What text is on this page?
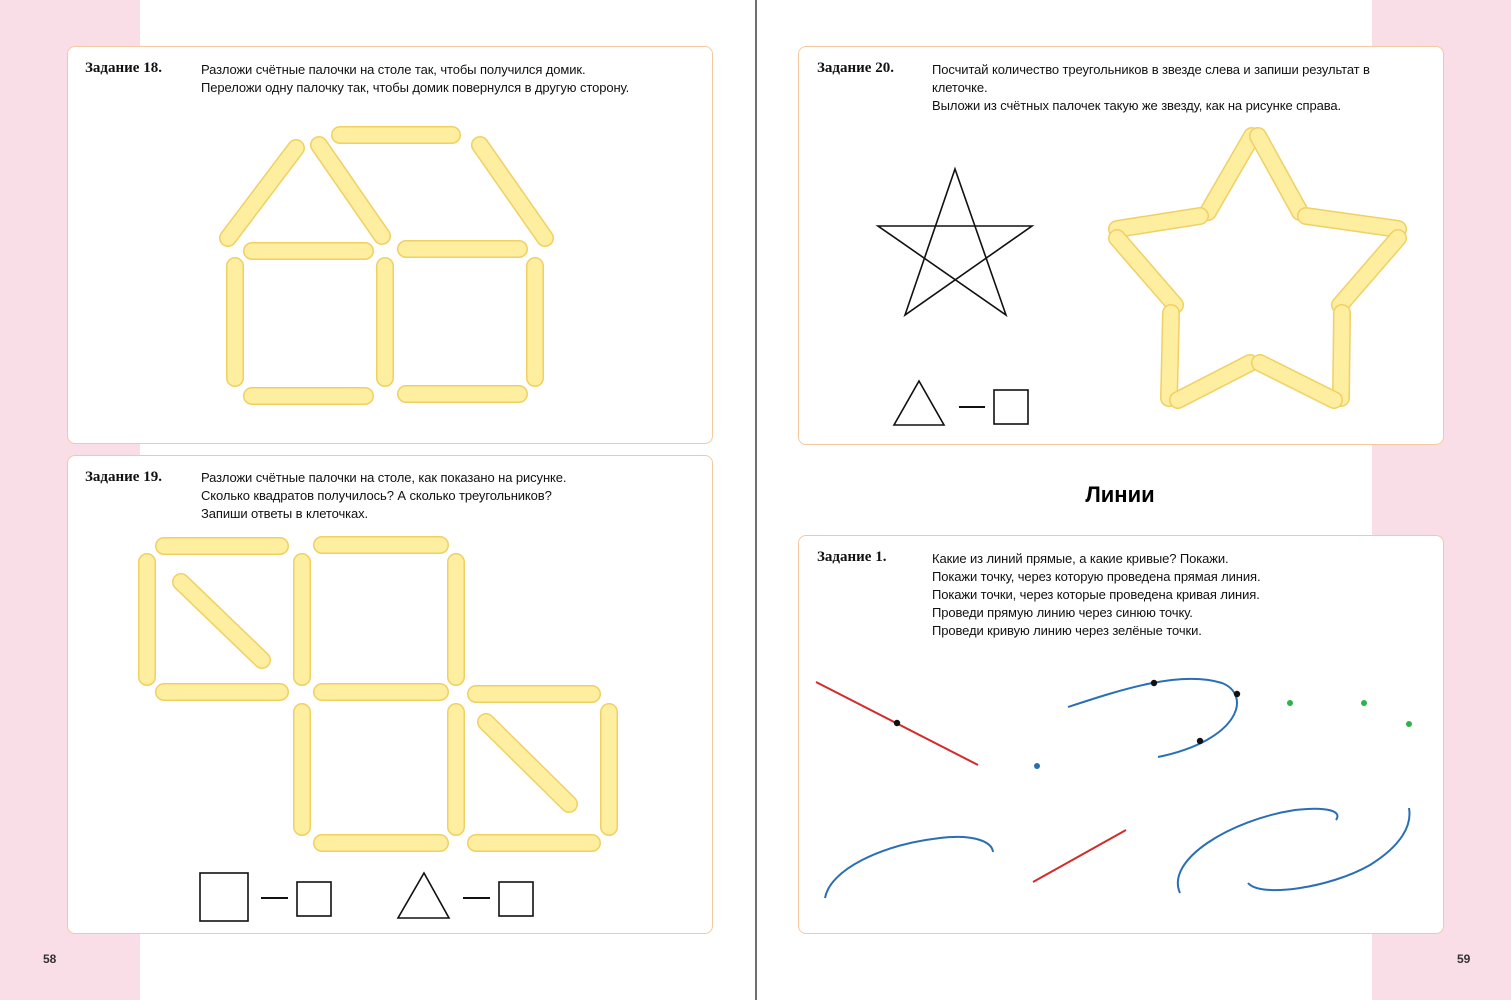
Задание 18.	Разложи счётные палочки на столе так, чтобы получился домик.
Переложи одну палочку так, чтобы домик повернулся в другую сторону.
Задание 19.	Разложи счётные палочки на столе, как показано на рисунке.
Сколько квадратов получилось? А сколько треугольников?
Запиши ответы в клеточках.
Задание 20.	Посчитай количество треугольников в звезде слева и запиши результат в
клеточке.
Выложи из счётных палочек такую же звезду, как на рисунке справа.
Линии
Задание 1.	Какие из линий прямые, а какие кривые? Покажи.
Покажи точку, через которую проведена прямая линия.
Покажи точки, через которые проведена кривая линия.
Проведи прямую линию через синюю точку.
Проведи кривую линию через зелёные точки.
58	59
